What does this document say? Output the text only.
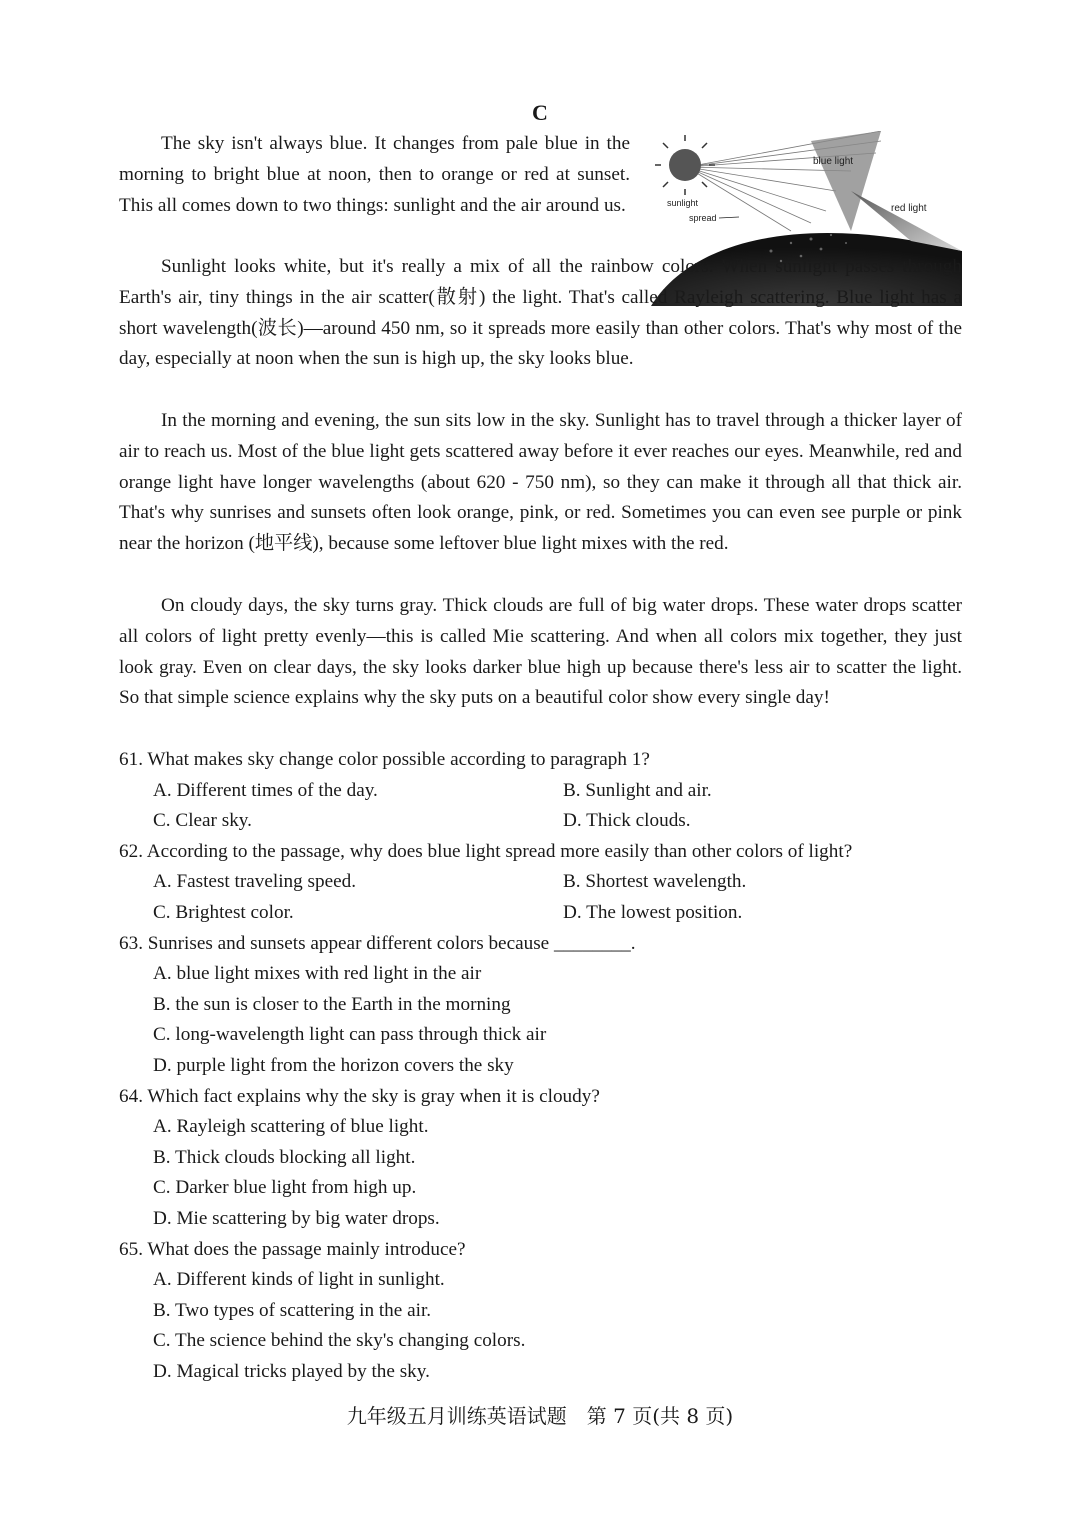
C
blue light
red light
sunlight
spread

The sky isn't always blue. It changes from pale blue in the morning to bright blue at noon, then to orange or red at sunset. This all comes down to two things: sunlight and the air around us.

Sunlight looks white, but it's really a mix of all the rainbow colors. When sunlight passes through Earth's air, tiny things in the air scatter(散射) the light. That's called Rayleigh scattering. Blue light has a short wavelength(波长)—around 450 nm, so it spreads more easily than other colors. That's why most of the day, especially at noon when the sun is high up, the sky looks blue.

In the morning and evening, the sun sits low in the sky. Sunlight has to travel through a thicker layer of air to reach us. Most of the blue light gets scattered away before it ever reaches our eyes. Meanwhile, red and orange light have longer wavelengths (about 620 - 750 nm), so they can make it through all that thick air. That's why sunrises and sunsets often look orange, pink, or red. Sometimes you can even see purple or pink near the horizon (地平线), because some leftover blue light mixes with the red.

On cloudy days, the sky turns gray. Thick clouds are full of big water drops. These water drops scatter all colors of light pretty evenly—this is called Mie scattering. And when all colors mix together, they just look gray. Even on clear days, the sky looks darker blue high up because there's less air to scatter the light. So that simple science explains why the sky puts on a beautiful color show every single day!

61. What makes sky change color possible according to paragraph 1?

A. Different times of the day.	B. Sunlight and air.
C. Clear sky.	D. Thick clouds.

62. According to the passage, why does blue light spread more easily than other colors of light?

A. Fastest traveling speed.	B. Shortest wavelength.
C. Brightest color.	D. The lowest position.

63. Sunrises and sunsets appear different colors because ________.

A. blue light mixes with red light in the air
B. the sun is closer to the Earth in the morning
C. long-wavelength light can pass through thick air
D. purple light from the horizon covers the sky

64. Which fact explains why the sky is gray when it is cloudy?

A. Rayleigh scattering of blue light.
B. Thick clouds blocking all light.
C. Darker blue light from high up.
D. Mie scattering by big water drops.

65. What does the passage mainly introduce?

A. Different kinds of light in sunlight.
B. Two types of scattering in the air.
C. The science behind the sky's changing colors.
D. Magical tricks played by the sky.
九年级五月训练英语试题　第 7 页(共 8 页)
